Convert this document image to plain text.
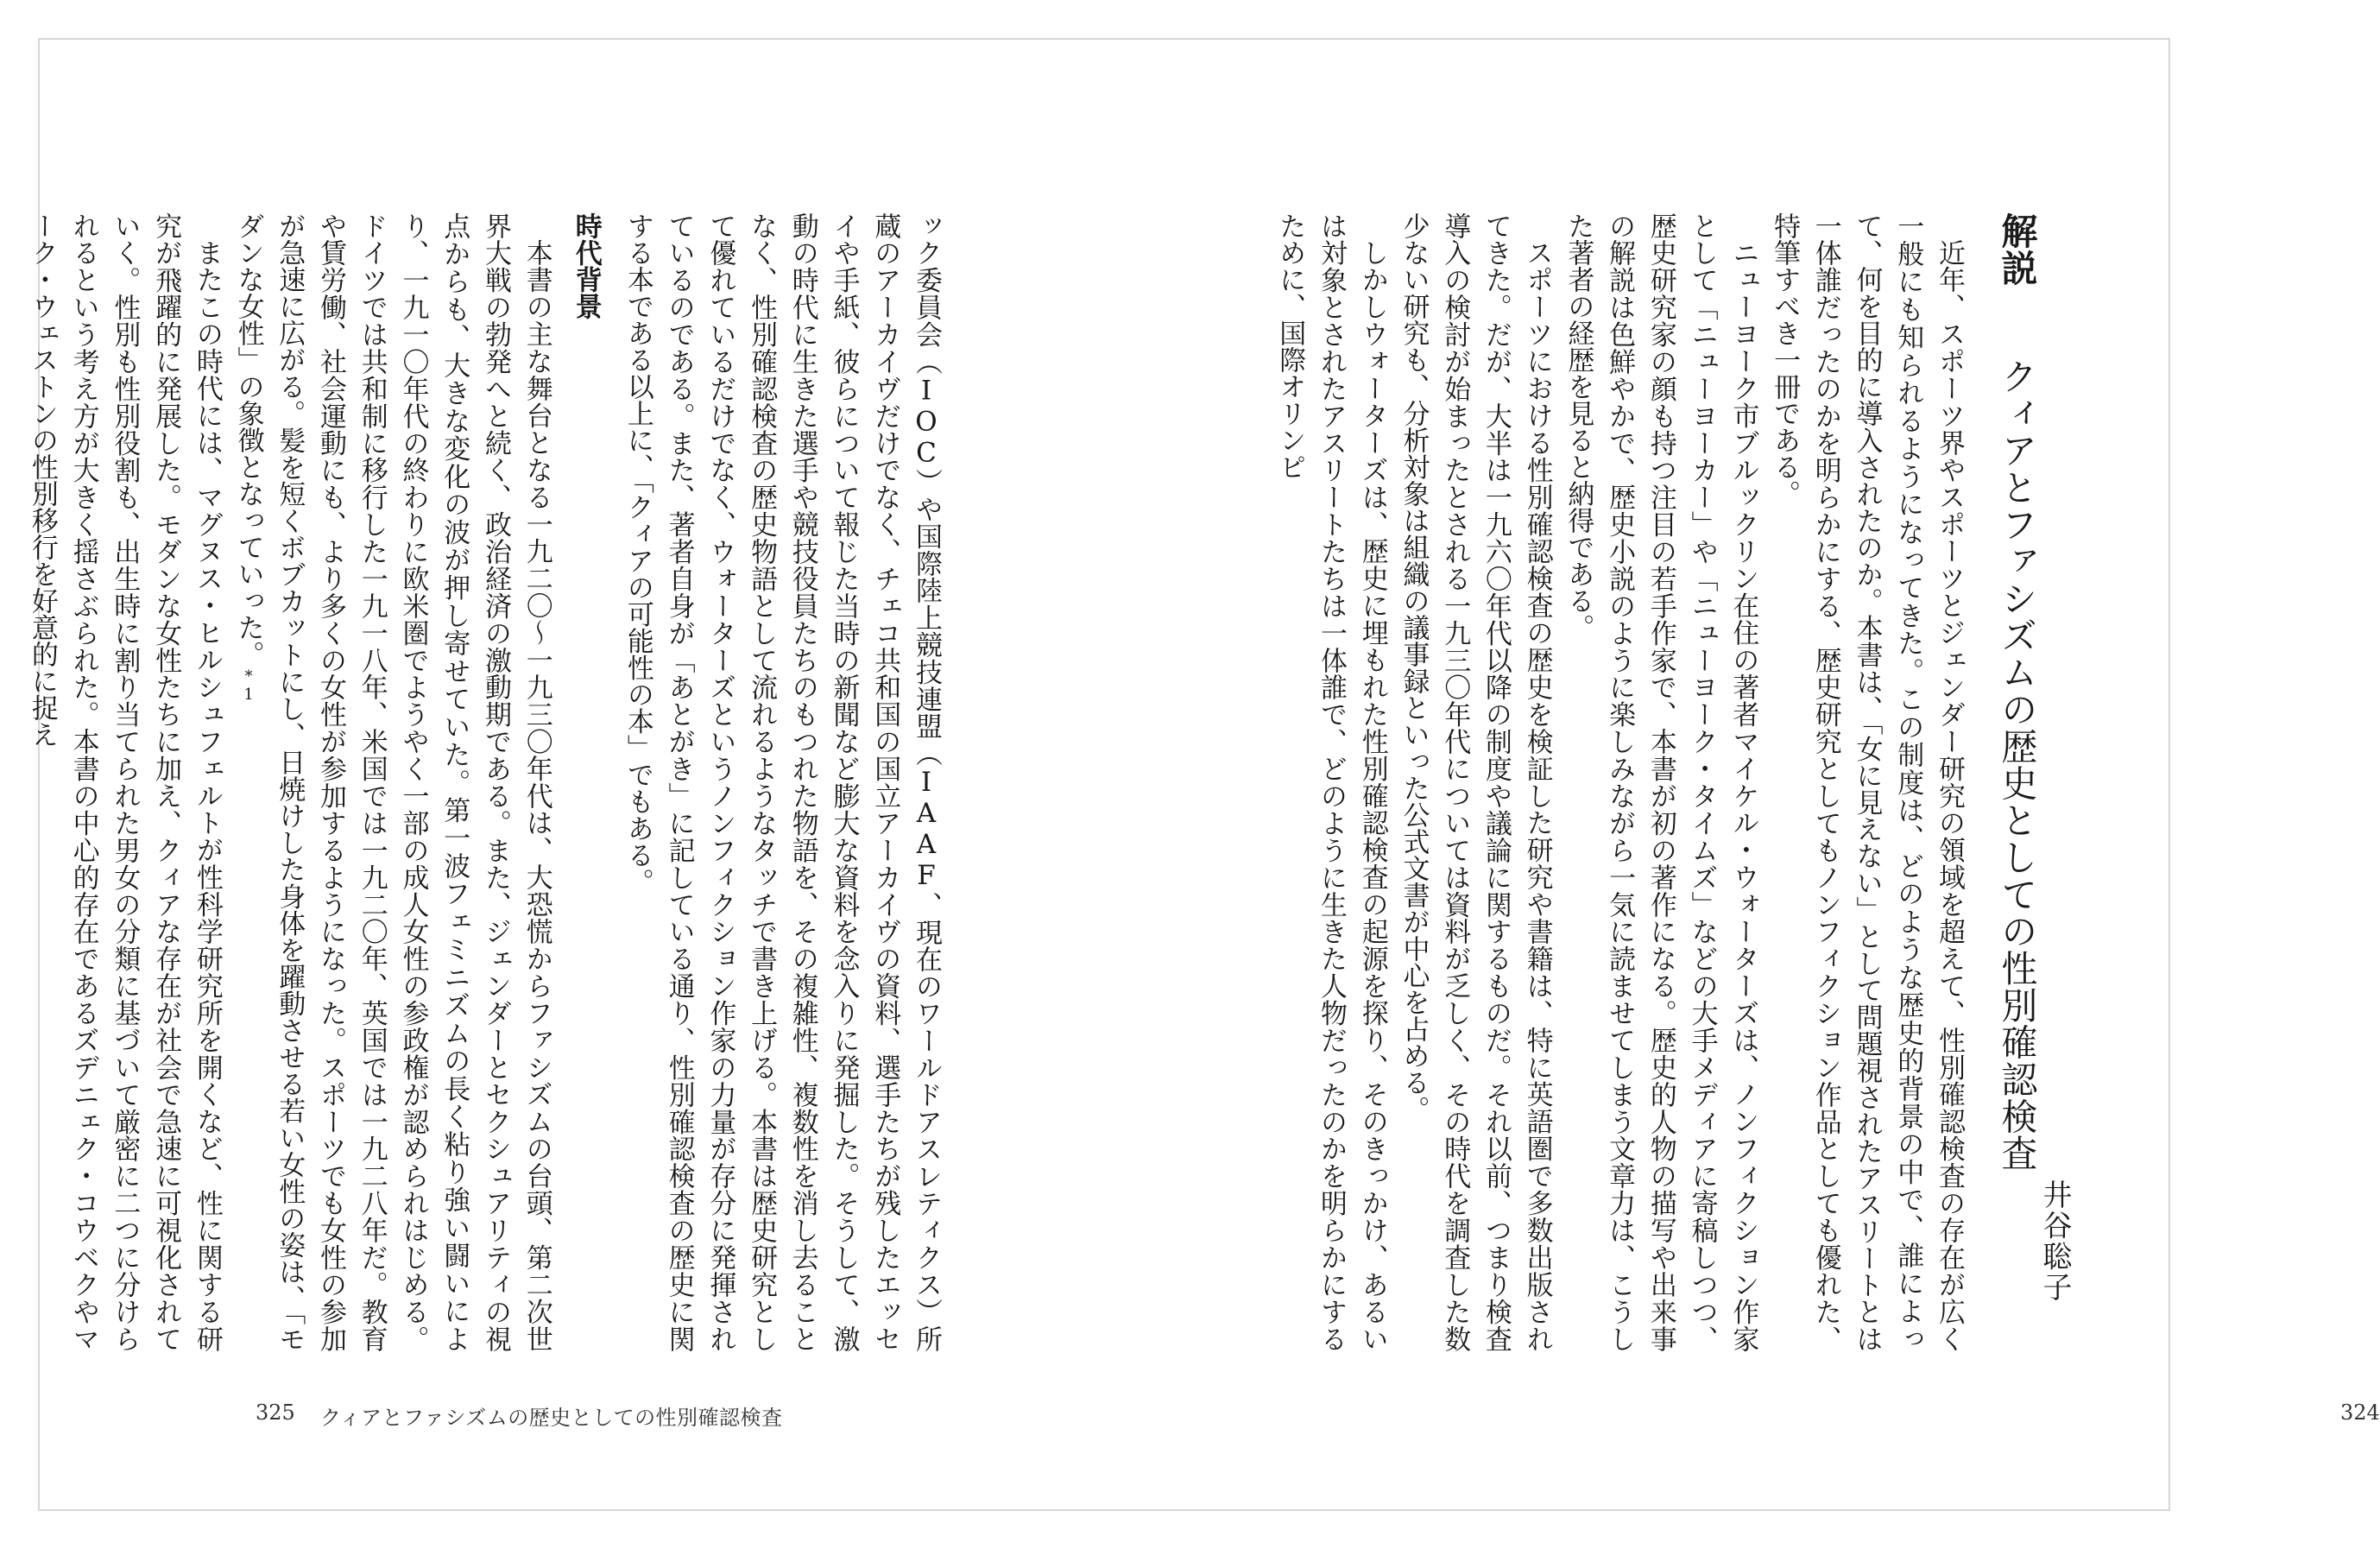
解説　クィアとファシズムの歴史としての性別確認検査
井谷聡子

近年、スポーツ界やスポーツとジェンダー研究の領域を超えて、性別確認検査の存在が広く一般にも知られるようになってきた。この制度は、どのような歴史的背景の中で、誰によって、何を目的に導入されたのか。本書は、「女に見えない」として問題視されたアスリートとは一体誰だったのかを明らかにする、歴史研究としてもノンフィクション作品としても優れた、特筆すべき一冊である。

ニューヨーク市ブルックリン在住の著者マイケル・ウォーターズは、ノンフィクション作家として「ニューヨーカー」や「ニューヨーク・タイムズ」などの大手メディアに寄稿しつつ、歴史研究家の顔も持つ注目の若手作家で、本書が初の著作になる。歴史的人物の描写や出来事の解説は色鮮やかで、歴史小説のように楽しみながら一気に読ませてしまう文章力は、こうした著者の経歴を見ると納得である。

スポーツにおける性別確認検査の歴史を検証した研究や書籍は、特に英語圏で多数出版されてきた。だが、大半は一九六〇年代以降の制度や議論に関するものだ。それ以前、つまり検査導入の検討が始まったとされる一九三〇年代については資料が乏しく、その時代を調査した数少ない研究も、分析対象は組織の議事録といった公式文書が中心を占める。

しかしウォーターズは、歴史に埋もれた性別確認検査の起源を探り、そのきっかけ、あるいは対象とされたアスリートたちは一体誰で、どのように生きた人物だったのかを明らかにするために、国際オリンピ

324

ック委員会（IOC）や国際陸上競技連盟（IAAF、現在のワールドアスレティクス）所蔵のアーカイヴだけでなく、チェコ共和国の国立アーカイヴの資料、選手たちが残したエッセイや手紙、彼らについて報じた当時の新聞など膨大な資料を念入りに発掘した。そうして、激動の時代に生きた選手や競技役員たちのもつれた物語を、その複雑性、複数性を消し去ることなく、性別確認検査の歴史物語として流れるようなタッチで書き上げる。本書は歴史研究として優れているだけでなく、ウォーターズというノンフィクション作家の力量が存分に発揮されているのである。また、著者自身が「あとがき」に記している通り、性別確認検査の歴史に関する本である以上に、「クィアの可能性の本」でもある。

時代背景

本書の主な舞台となる一九二〇〜一九三〇年代は、大恐慌からファシズムの台頭、第二次世界大戦の勃発へと続く、政治経済の激動期である。また、ジェンダーとセクシュアリティの視点からも、大きな変化の波が押し寄せていた。第一波フェミニズムの長く粘り強い闘いにより、一九一〇年代の終わりに欧米圏でようやく一部の成人女性の参政権が認められはじめる。ドイツでは共和制に移行した一九一八年、米国では一九二〇年、英国では一九二八年だ。教育や賃労働、社会運動にも、より多くの女性が参加するようになった。スポーツでも女性の参加が急速に広がる。髪を短くボブカットにし、日焼けした身体を躍動させる若い女性の姿は、「モダンな女性」の象徴となっていった。*1

またこの時代には、マグヌス・ヒルシュフェルトが性科学研究所を開くなど、性に関する研究が飛躍的に発展した。モダンな女性たちに加え、クィアな存在が社会で急速に可視化されていく。性別も性別役割も、出生時に割り当てられた男女の分類に基づいて厳密に二つに分けられるという考え方が大きく揺さぶられた。本書の中心的存在であるズデニェク・コウベクやマーク・ウェストンの性別移行を好意的に捉え

325 クィアとファシズムの歴史としての性別確認検査
